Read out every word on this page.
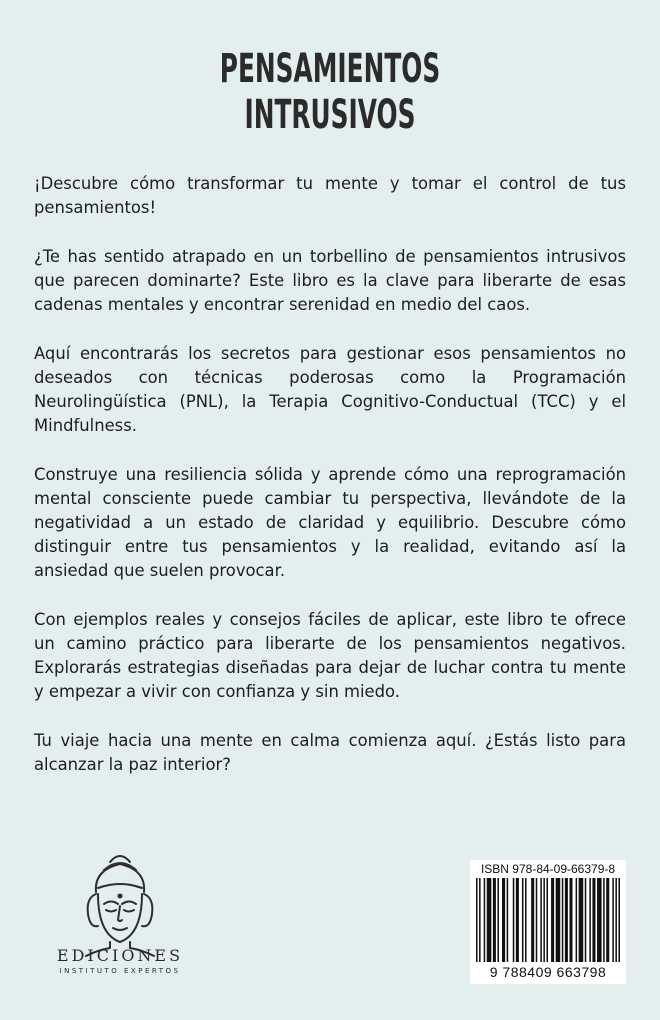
PENSAMIENTOS
INTRUSIVOS

¡Descubre cómo transformar tu mente y tomar el control de tus pensamientos!

¿Te has sentido atrapado en un torbellino de pensamientos intrusivos que parecen dominarte? Este libro es la clave para liberarte de esas cadenas mentales y encontrar serenidad en medio del caos.

Aquí encontrarás los secretos para gestionar esos pensamientos no deseados con técnicas poderosas como la Programación Neurolingüística (PNL), la Terapia Cognitivo-Conductual (TCC) y el Mindfulness.

Construye una resiliencia sólida y aprende cómo una reprogramación mental consciente puede cambiar tu perspectiva, llevándote de la negatividad a un estado de claridad y equilibrio. Descubre cómo distinguir entre tus pensamientos y la realidad, evitando así la ansiedad que suelen provocar.

Con ejemplos reales y consejos fáciles de aplicar, este libro te ofrece un camino práctico para liberarte de los pensamientos negativos. Explorarás estrategias diseñadas para dejar de luchar contra tu mente y empezar a vivir con confianza y sin miedo.

Tu viaje hacia una mente en calma comienza aquí. ¿Estás listo para alcanzar la paz interior?

EDICIONES
INSTITUTO EXPERTOS
ISBN 978-84-09-66379-8
9 788409 663798
